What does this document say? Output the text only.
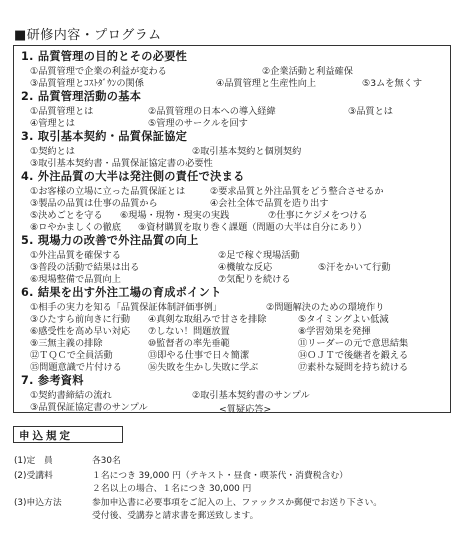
■研修内容・プログラム
1. 品質管理の目的とその必要性
①品質管理で企業の利益が変わる	②企業活動と利益確保
③品質管理とｺｽﾄﾀﾞｳﾝの関係	④品質管理と生産性向上	⑤3ムを無くす
2. 品質管理活動の基本
①品質管理とは	②品質管理の日本への導入経緯	③品質とは
④管理とは	⑤管理のサークルを回す
3. 取引基本契約・品質保証協定
①契約とは	②取引基本契約と個別契約
③取引基本契約書・品質保証協定書の必要性
4. 外注品質の大半は発注側の責任で決まる
①お客様の立場に立った品質保証とは	②要求品質と外注品質をどう整合させるか
③製品の品質は仕事の品質から	④会社全体で品質を造り出す
⑤決めごとを守る ⑥現場・現物・現実の実践	⑦仕事にケジメをつける
⑧ロやかましくの徹底 ⑨資材購買を取り巻く課題（問題の大半は自分にあり）
5. 現場力の改善で外注品質の向上
①外注品質を確保する	②足で稼ぐ現場活動
③普段の活動で結果は出る	④機敏な反応	⑤汗をかいて行動
⑥現場整備で品質向上	⑦気配りを続ける
6. 結果を出す外注工場の育成ポイント
①相手の実力を知る「品質保証体制評価事例」	②問題解決のための環境作り
③ひたすら前向きに行動 ④真剣な取組みで甘さを排除	⑤タイミングよい低減
⑥感受性を高め早い対応 ⑦しない！問題放置	⑧学習効果を発揮
⑨三無主義の排除	⑩監督者の率先垂範	⑪リーダーの元で意思結集
⑫ＴＱＣで全員活動	⑬即やる仕事で日々簡潔	⑭ＯＪＴで後継者を鍛える
⑮問題意識で片付ける	⑯失敗を生かし失敗に学ぶ	⑰素朴な疑問を持ち続ける
7. 参考資料
①契約書締結の流れ	②取引基本契約書のサンプル
③品質保証協定書のサンプル	<質疑応答>
申込規定
(1)定　員	各30名
(2)受講料	１名につき 39,000 円（テキスト・昼食・喫茶代・消費税含む）
２名以上の場合、１名につき 30,000 円
(3)申込方法	参加申込書に必要事項をご記入の上、ファックスか郵便でお送り下さい。
受付後、受講券と請求書を郵送致します。
